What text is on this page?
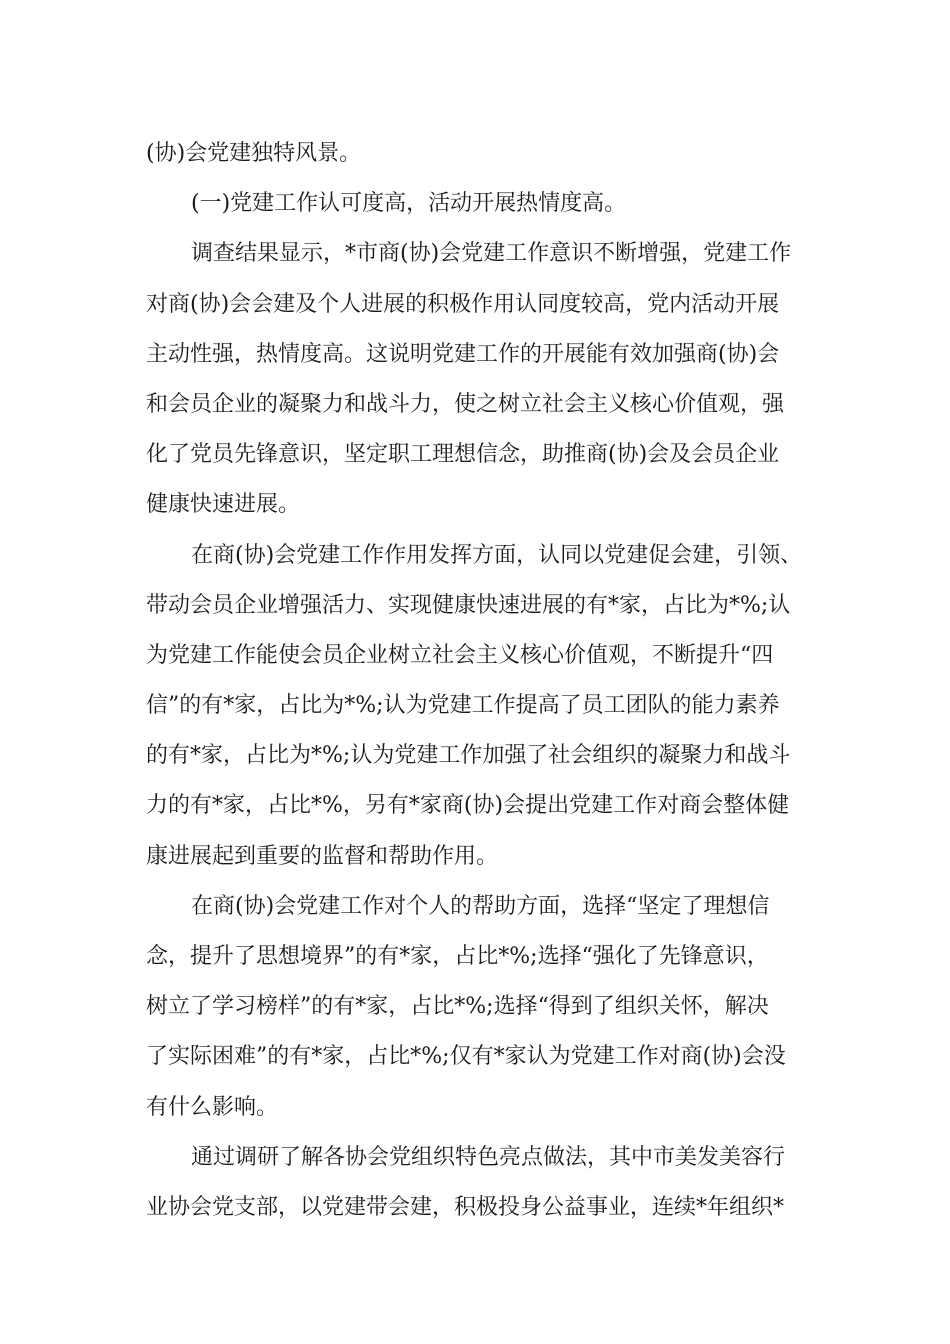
(协)会党建独特风景。
(一)党建工作认可度高，活动开展热情度高。
调查结果显示，*市商(协)会党建工作意识不断增强，党建工作
对商(协)会会建及个人进展的积极作用认同度较高，党内活动开展
主动性强，热情度高。这说明党建工作的开展能有效加强商(协)会
和会员企业的凝聚力和战斗力，使之树立社会主义核心价值观，强
化了党员先锋意识，坚定职工理想信念，助推商(协)会及会员企业
健康快速进展。
在商(协)会党建工作作用发挥方面，认同以党建促会建，引领、
带动会员企业增强活力、实现健康快速进展的有*家，占比为*%;认
为党建工作能使会员企业树立社会主义核心价值观，不断提升“四
信”的有*家，占比为*%;认为党建工作提高了员工团队的能力素养
的有*家，占比为*%;认为党建工作加强了社会组织的凝聚力和战斗
力的有*家，占比*%，另有*家商(协)会提出党建工作对商会整体健
康进展起到重要的监督和帮助作用。
在商(协)会党建工作对个人的帮助方面，选择“坚定了理想信
念，提升了思想境界”的有*家，占比*%;选择“强化了先锋意识，
树立了学习榜样”的有*家，占比*%;选择“得到了组织关怀，解决
了实际困难”的有*家，占比*%;仅有*家认为党建工作对商(协)会没
有什么影响。
通过调研了解各协会党组织特色亮点做法，其中市美发美容行
业协会党支部，以党建带会建，积极投身公益事业，连续*年组织*
